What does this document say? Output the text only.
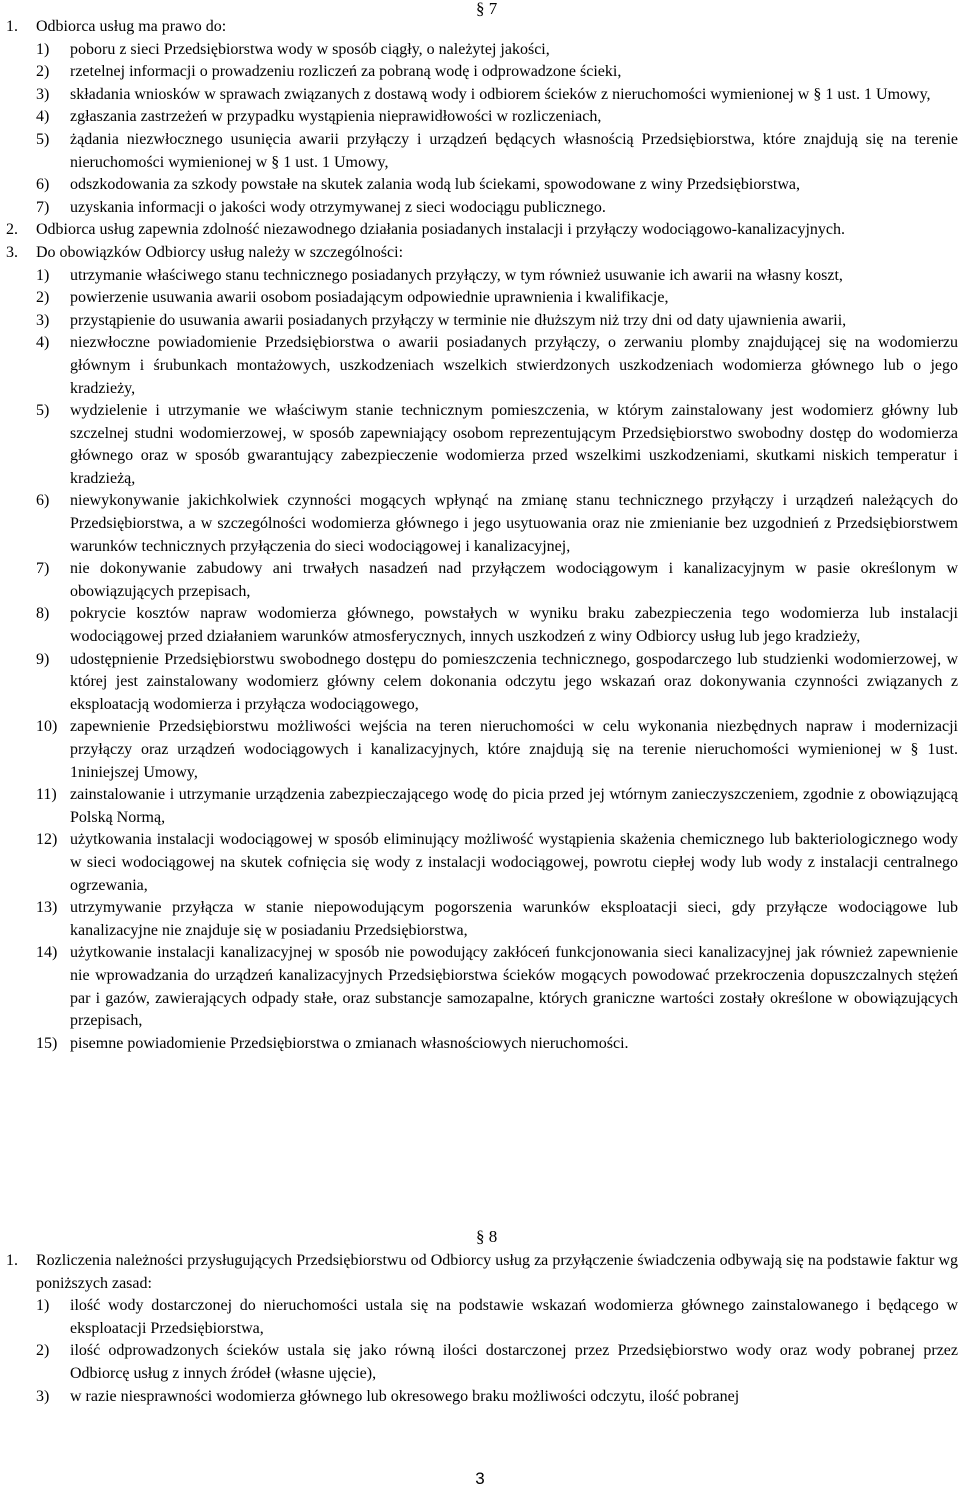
§ 7
1. Odbiorca usług ma prawo do:
1) poboru z sieci Przedsiębiorstwa wody w sposób ciągły, o należytej jakości,
2) rzetelnej informacji o prowadzeniu rozliczeń za pobraną wodę i odprowadzone ścieki,
3) składania wniosków w sprawach związanych z dostawą wody i odbiorem ścieków z nieruchomości wymienionej w § 1 ust. 1 Umowy,
4) zgłaszania zastrzeżeń w przypadku wystąpienia nieprawidłowości w rozliczeniach,
5) żądania niezwłocznego usunięcia awarii przyłączy i urządzeń będących własnością Przedsiębiorstwa, które znajdują się na terenie nieruchomości wymienionej w § 1 ust. 1 Umowy,
6) odszkodowania za szkody powstałe na skutek zalania wodą lub ściekami, spowodowane z winy Przedsiębiorstwa,
7) uzyskania informacji o jakości wody otrzymywanej z sieci wodociągu publicznego.
2. Odbiorca usług zapewnia zdolność niezawodnego działania posiadanych instalacji i przyłączy wodociągowo-kanalizacyjnych.
3. Do obowiązków Odbiorcy usług należy w szczególności:
1) utrzymanie właściwego stanu technicznego posiadanych przyłączy, w tym również usuwanie ich awarii na własny koszt,
2) powierzenie usuwania awarii osobom posiadającym odpowiednie uprawnienia i kwalifikacje,
3) przystąpienie do usuwania awarii posiadanych przyłączy w terminie nie dłuższym niż trzy dni od daty ujawnienia awarii,
4) niezwłoczne powiadomienie Przedsiębiorstwa o awarii posiadanych przyłączy, o zerwaniu plomby znajdującej się na wodomierzu głównym i śrubunkach montażowych, uszkodzeniach wszelkich stwierdzonych uszkodzeniach wodomierza głównego lub o jego kradzieży,
5) wydzielenie i utrzymanie we właściwym stanie technicznym pomieszczenia, w którym zainstalowany jest wodomierz główny lub szczelnej studni wodomierzowej, w sposób zapewniający osobom reprezentującym Przedsiębiorstwo swobodny dostęp do wodomierza głównego oraz w sposób gwarantujący zabezpieczenie wodomierza przed wszelkimi uszkodzeniami, skutkami niskich temperatur i kradzieżą,
6) niewykonywanie jakichkolwiek czynności mogących wpłynąć na zmianę stanu technicznego przyłączy i urządzeń należących do Przedsiębiorstwa, a w szczególności wodomierza głównego i jego usytuowania oraz nie zmienianie bez uzgodnień z Przedsiębiorstwem warunków technicznych przyłączenia do sieci wodociągowej i kanalizacyjnej,
7) nie dokonywanie zabudowy ani trwałych nasadzeń nad przyłączem wodociągowym i kanalizacyjnym w pasie określonym w obowiązujących przepisach,
8) pokrycie kosztów napraw wodomierza głównego, powstałych w wyniku braku zabezpieczenia tego wodomierza lub instalacji wodociągowej przed działaniem warunków atmosferycznych, innych uszkodzeń z winy Odbiorcy usług lub jego kradzieży,
9) udostępnienie Przedsiębiorstwu swobodnego dostępu do pomieszczenia technicznego, gospodarczego lub studzienki wodomierzowej, w której jest zainstalowany wodomierz główny celem dokonania odczytu jego wskazań oraz dokonywania czynności związanych z eksploatacją wodomierza i przyłącza wodociągowego,
10) zapewnienie Przedsiębiorstwu możliwości wejścia na teren nieruchomości w celu wykonania niezbędnych napraw i modernizacji przyłączy oraz urządzeń wodociągowych i kanalizacyjnych, które znajdują się na terenie nieruchomości wymienionej w § 1ust. 1niniejszej Umowy,
11) zainstalowanie i utrzymanie urządzenia zabezpieczającego wodę do picia przed jej wtórnym zanieczyszczeniem, zgodnie z obowiązującą Polską Normą,
12) użytkowania instalacji wodociągowej w sposób eliminujący możliwość wystąpienia skażenia chemicznego lub bakteriologicznego wody w sieci wodociągowej na skutek cofnięcia się wody z instalacji wodociągowej, powrotu ciepłej wody lub wody z instalacji centralnego ogrzewania,
13) utrzymywanie przyłącza w stanie niepowodującym pogorszenia warunków eksploatacji sieci, gdy przyłącze wodociągowe lub kanalizacyjne nie znajduje się w posiadaniu Przedsiębiorstwa,
14) użytkowanie instalacji kanalizacyjnej w sposób nie powodujący zakłóceń funkcjonowania sieci kanalizacyjnej jak również zapewnienie nie wprowadzania do urządzeń kanalizacyjnych Przedsiębiorstwa ścieków mogących powodować przekroczenia dopuszczalnych stężeń par i gazów, zawierających odpady stałe, oraz substancje samozapalne, których graniczne wartości zostały określone w obowiązujących przepisach,
15) pisemne powiadomienie Przedsiębiorstwa o zmianach własnościowych nieruchomości.
§ 8
1. Rozliczenia należności przysługujących Przedsiębiorstwu od Odbiorcy usług za przyłączenie świadczenia odbywają się na podstawie faktur wg poniższych zasad:
1) ilość wody dostarczonej do nieruchomości ustala się na podstawie wskazań wodomierza głównego zainstalowanego i będącego w eksploatacji Przedsiębiorstwa,
2) ilość odprowadzonych ścieków ustala się jako równą ilości dostarczonej przez Przedsiębiorstwo wody oraz wody pobranej przez Odbiorcę usług z innych źródeł (własne ujęcie),
3) w razie niesprawności wodomierza głównego lub okresowego braku możliwości odczytu, ilość pobranej
3
